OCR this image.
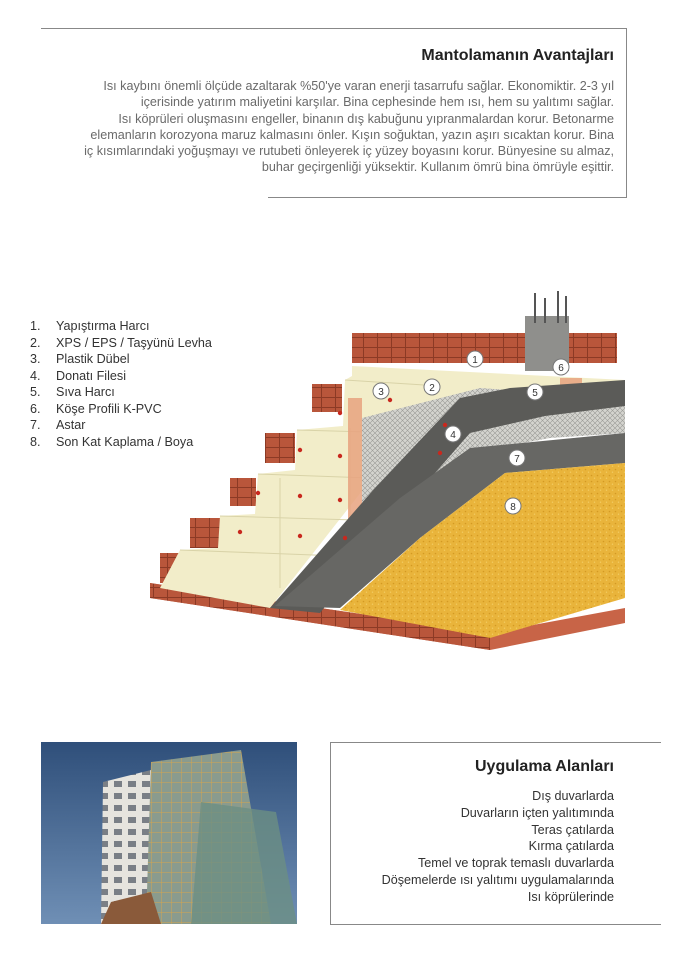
Mantolamanın Avantajları
Isı kaybını önemli ölçüde azaltarak %50'ye varan enerji tasarrufu sağlar. Ekonomiktir. 2-3 yıl
içerisinde yatırım maliyetini karşılar. Bina cephesinde hem ısı, hem su yalıtımı sağlar.
Isı köprüleri oluşmasını engeller, binanın dış kabuğunu yıpranmalardan korur. Betonarme
elemanların korozyona maruz kalmasını önler. Kışın soğuktan, yazın aşırı sıcaktan korur. Bina
iç kısımlarındaki yoğuşmayı ve rutubeti önleyerek iç yüzey boyasını korur. Bünyesine su almaz,
buhar geçirgenliği yüksektir. Kullanım ömrü bina ömrüyle eşittir.
1.	Yapıştırma Harcı
2.	XPS / EPS / Taşyünü Levha
3.	Plastik Dübel
4.	Donatı Filesi
5.	Sıva Harcı
6.	Köşe Profili K-PVC
7.	Astar
8.	Son Kat Kaplama / Boya
1
2
3
4
5
6
7
8
Uygulama Alanları
Dış duvarlarda
Duvarların içten yalıtımında
Teras çatılarda
Kırma çatılarda
Temel ve toprak temaslı duvarlarda
Döşemelerde ısı yalıtımı uygulamalarında
Isı köprülerinde
